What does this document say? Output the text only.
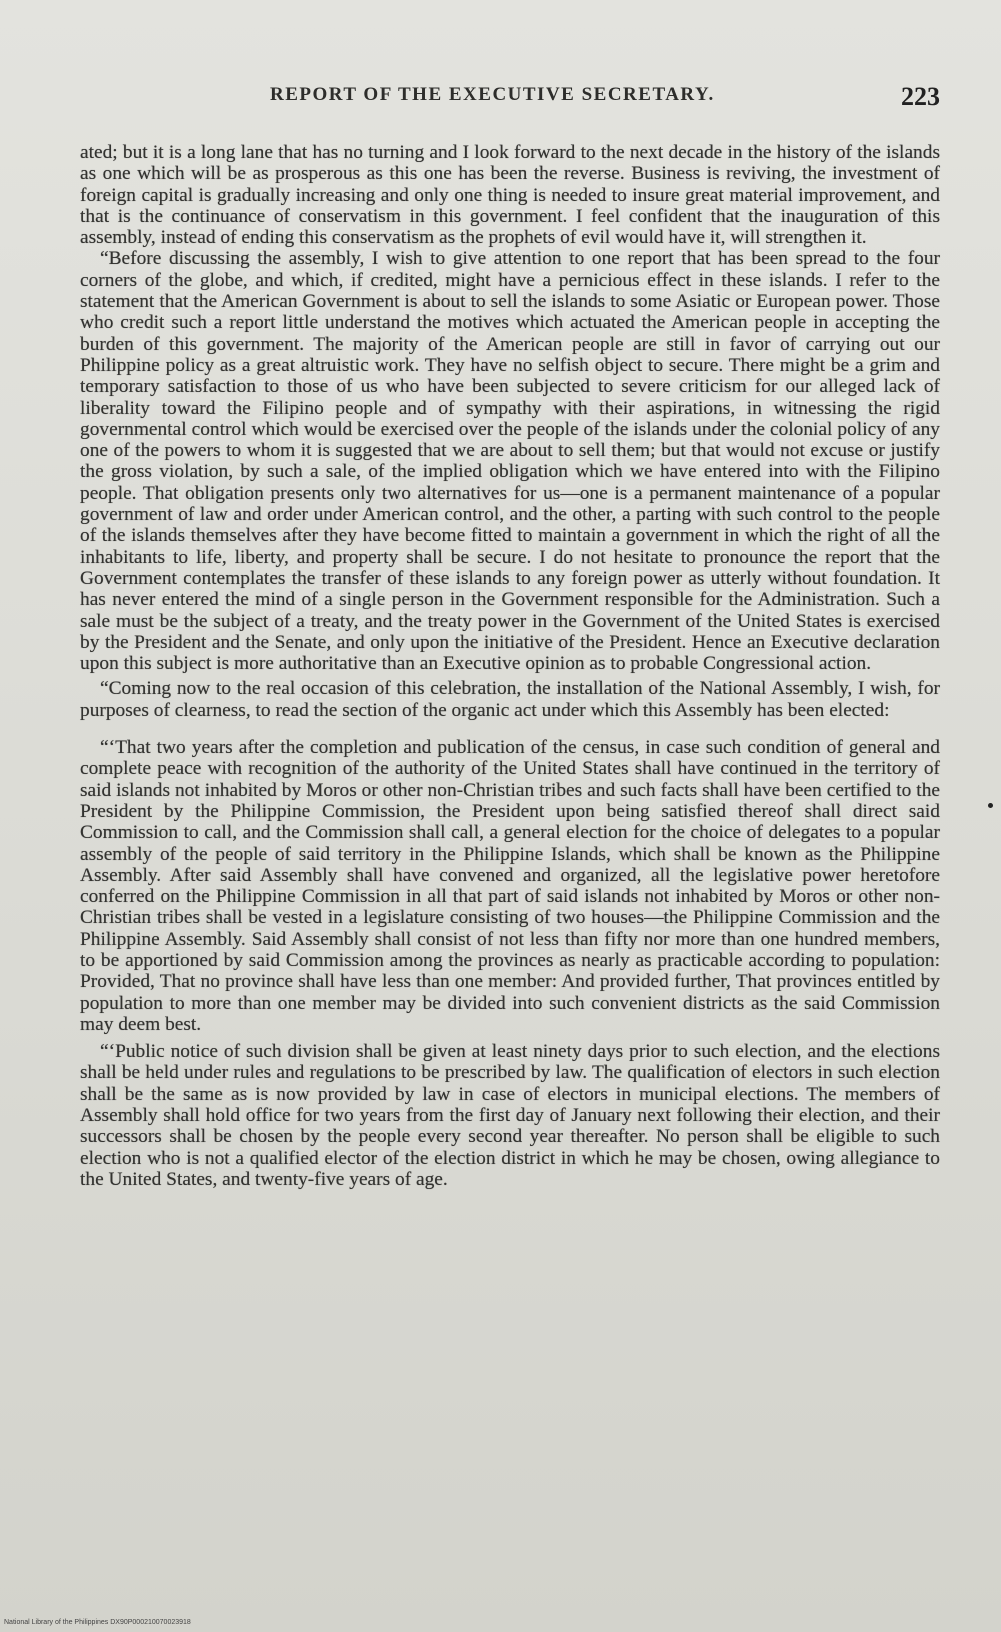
REPORT OF THE EXECUTIVE SECRETARY.	223

ated; but it is a long lane that has no turning and I look forward to the next decade in the history of the islands as one which will be as prosperous as this one has been the reverse. Business is reviving, the investment of foreign capital is gradually increasing and only one thing is needed to insure great material improvement, and that is the continuance of conservatism in this government. I feel confident that the inauguration of this assembly, instead of ending this conservatism as the prophets of evil would have it, will strengthen it.

“Before discussing the assembly, I wish to give attention to one report that has been spread to the four corners of the globe, and which, if credited, might have a pernicious effect in these islands. I refer to the statement that the American Government is about to sell the islands to some Asiatic or European power. Those who credit such a report little understand the motives which actuated the American people in accepting the burden of this government. The majority of the American people are still in favor of carrying out our Philippine policy as a great altruistic work. They have no selfish object to secure. There might be a grim and temporary satisfaction to those of us who have been subjected to severe criticism for our alleged lack of liberality toward the Filipino people and of sympathy with their aspirations, in witnessing the rigid governmental control which would be exercised over the people of the islands under the colonial policy of any one of the powers to whom it is suggested that we are about to sell them; but that would not excuse or justify the gross violation, by such a sale, of the implied obligation which we have entered into with the Filipino people. That obligation presents only two alternatives for us—one is a permanent maintenance of a popular government of law and order under American control, and the other, a parting with such control to the people of the islands themselves after they have become fitted to maintain a government in which the right of all the inhabitants to life, liberty, and property shall be secure. I do not hesitate to pronounce the report that the Government contemplates the transfer of these islands to any foreign power as utterly without foundation. It has never entered the mind of a single person in the Government responsible for the Administration. Such a sale must be the subject of a treaty, and the treaty power in the Government of the United States is exercised by the President and the Senate, and only upon the initiative of the President. Hence an Executive declaration upon this subject is more authoritative than an Executive opinion as to probable Congressional action.

“Coming now to the real occasion of this celebration, the installation of the National Assembly, I wish, for purposes of clearness, to read the section of the organic act under which this Assembly has been elected:

“‘That two years after the completion and publication of the census, in case such condition of general and complete peace with recognition of the authority of the United States shall have continued in the territory of said islands not inhabited by Moros or other non-Christian tribes and such facts shall have been certified to the President by the Philippine Commission, the President upon being satisfied thereof shall direct said Commission to call, and the Commission shall call, a general election for the choice of delegates to a popular assembly of the people of said territory in the Philippine Islands, which shall be known as the Philippine Assembly. After said Assembly shall have convened and organized, all the legislative power heretofore conferred on the Philippine Commission in all that part of said islands not inhabited by Moros or other non-Christian tribes shall be vested in a legislature consisting of two houses—the Philippine Commission and the Philippine Assembly. Said Assembly shall consist of not less than fifty nor more than one hundred members, to be apportioned by said Commission among the provinces as nearly as practicable according to population: Provided, That no province shall have less than one member: And provided further, That provinces entitled by population to more than one member may be divided into such convenient districts as the said Commission may deem best.

“‘Public notice of such division shall be given at least ninety days prior to such election, and the elections shall be held under rules and regulations to be prescribed by law. The qualification of electors in such election shall be the same as is now provided by law in case of electors in municipal elections. The members of Assembly shall hold office for two years from the first day of January next following their election, and their successors shall be chosen by the people every second year thereafter. No person shall be eligible to such election who is not a qualified elector of the election district in which he may be chosen, owing allegiance to the United States, and twenty-five years of age.

National Library of the Philippines DX90P000210070023918
